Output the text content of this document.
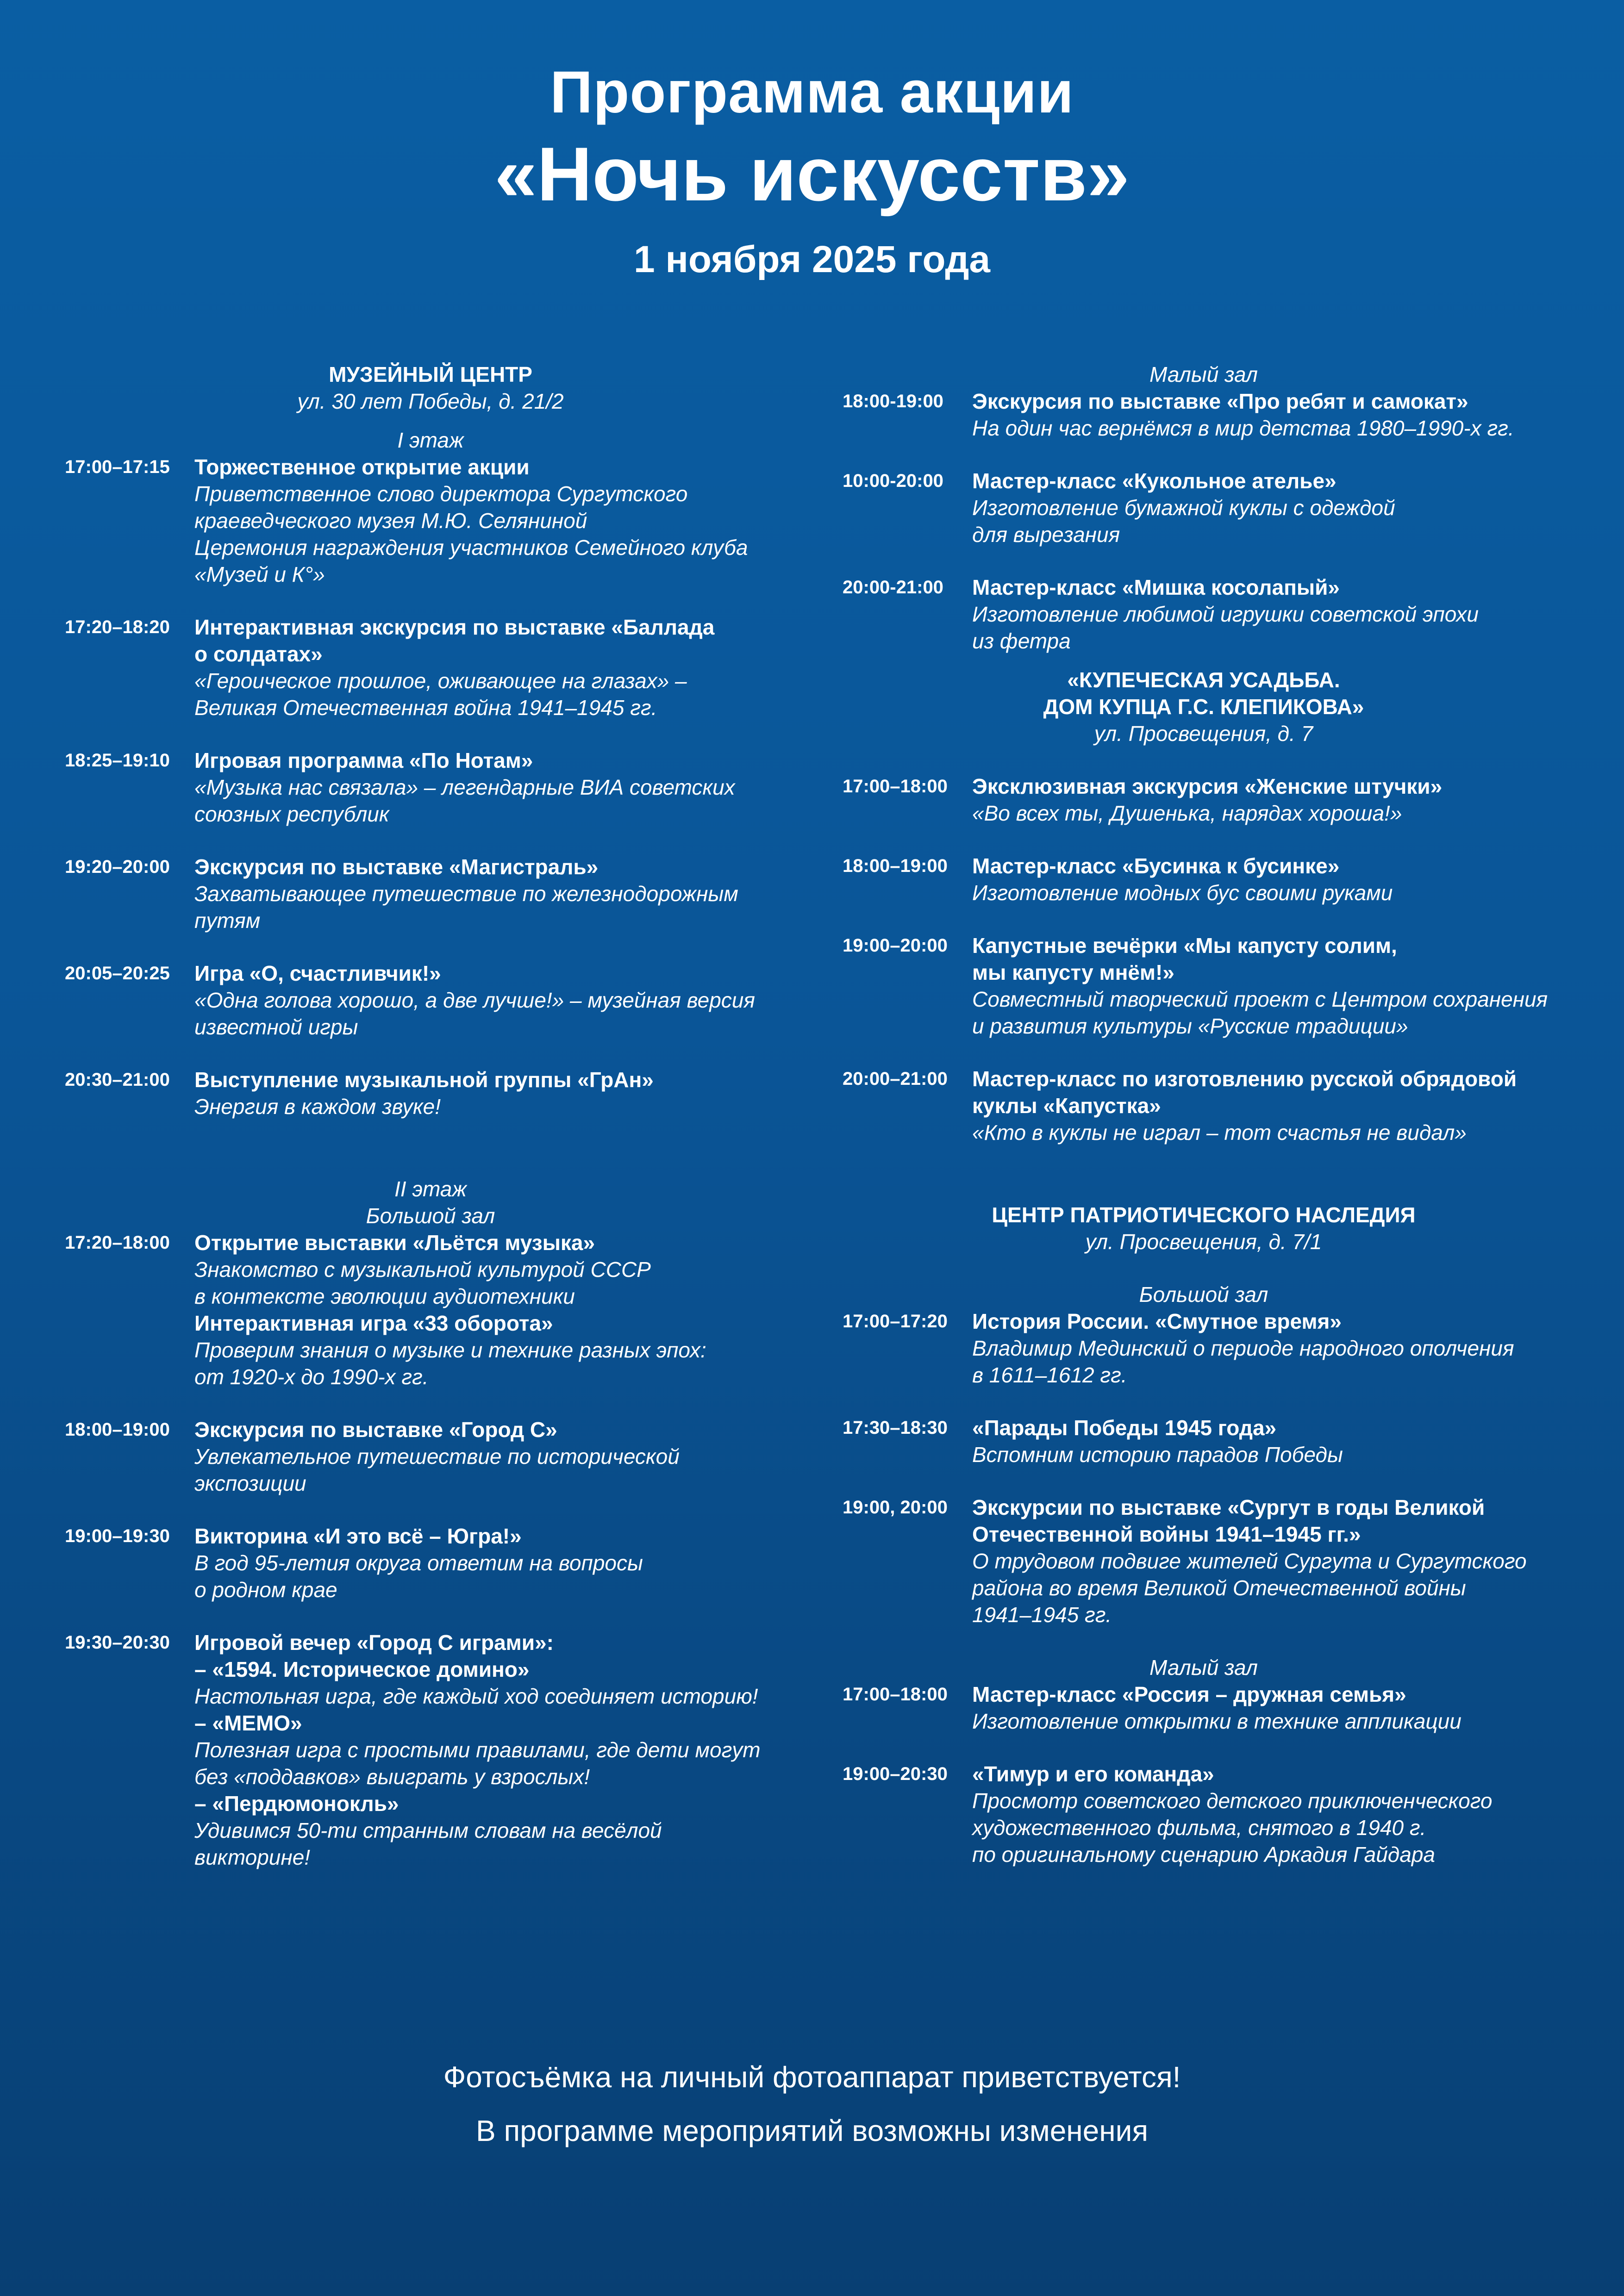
Программа акции
«Ночь искусств»
1 ноября 2025 года
МУЗЕЙНЫЙ ЦЕНТР
ул. 30 лет Победы, д. 21/2
I этаж
17:00–17:15	Торжественное открытие акции
Приветственное слово директора Сургутского
краеведческого музея М.Ю. Селяниной
Церемония награждения участников Семейного клуба
«Музей и К°»
17:20–18:20	Интерактивная экскурсия по выставке «Баллада
о солдатах»
«Героическое прошлое, оживающее на глазах» –
Великая Отечественная война 1941–1945 гг.
18:25–19:10	Игровая программа «По Нотам»
«Музыка нас связала» – легендарные ВИА советских
союзных республик
19:20–20:00	Экскурсия по выставке «Магистраль»
Захватывающее путешествие по железнодорожным
путям
20:05–20:25	Игра «О, счастливчик!»
«Одна голова хорошо, а две лучше!» – музейная версия
известной игры
20:30–21:00	Выступление музыкальной группы «ГрАн»
Энергия в каждом звуке!
II этаж
Большой зал
17:20–18:00	Открытие выставки «Льётся музыка»
Знакомство с музыкальной культурой СССР
в контексте эволюции аудиотехники
Интерактивная игра «33 оборота»
Проверим знания о музыке и технике разных эпох:
от 1920-х до 1990-х гг.
18:00–19:00	Экскурсия по выставке «Город С»
Увлекательное путешествие по исторической
экспозиции
19:00–19:30	Викторина «И это всё – Югра!»
В год 95-летия округа ответим на вопросы
о родном крае
19:30–20:30	Игровой вечер «Город С играми»:
– «1594. Историческое домино»
Настольная игра, где каждый ход соединяет историю!
– «МЕМО»
Полезная игра с простыми правилами, где дети могут
без «поддавков» выиграть у взрослых!
– «Пердюмонокль»
Удивимся 50-ти странным словам на весёлой
викторине!
Малый зал
18:00-19:00	Экскурсия по выставке «Про ребят и самокат»
На один час вернёмся в мир детства 1980–1990-х гг.
10:00-20:00	Мастер-класс «Кукольное ателье»
Изготовление бумажной куклы с одеждой
для вырезания
20:00-21:00	Мастер-класс «Мишка косолапый»
Изготовление любимой игрушки советской эпохи
из фетра
«КУПЕЧЕСКАЯ УСАДЬБА.
ДОМ КУПЦА Г.С. КЛЕПИКОВА»
ул. Просвещения, д. 7
17:00–18:00	Эксклюзивная экскурсия «Женские штучки»
«Во всех ты, Душенька, нарядах хороша!»
18:00–19:00	Мастер-класс «Бусинка к бусинке»
Изготовление модных бус своими руками
19:00–20:00	Капустные вечёрки «Мы капусту солим,
мы капусту мнём!»
Совместный творческий проект с Центром сохранения
и развития культуры «Русские традиции»
20:00–21:00	Мастер-класс по изготовлению русской обрядовой
куклы «Капустка»
«Кто в куклы не играл – тот счастья не видал»
ЦЕНТР ПАТРИОТИЧЕСКОГО НАСЛЕДИЯ
ул. Просвещения, д. 7/1
Большой зал
17:00–17:20	История России. «Смутное время»
Владимир Мединский о периоде народного ополчения
в 1611–1612 гг.
17:30–18:30	«Парады Победы 1945 года»
Вспомним историю парадов Победы
19:00, 20:00	Экскурсии по выставке «Сургут в годы Великой
Отечественной войны 1941–1945 гг.»
О трудовом подвиге жителей Сургута и Сургутского
района во время Великой Отечественной войны
1941–1945 гг.
Малый зал
17:00–18:00	Мастер-класс «Россия – дружная семья»
Изготовление открытки в технике аппликации
19:00–20:30	«Тимур и его команда»
Просмотр советского детского приключенческого
художественного фильма, снятого в 1940 г.
по оригинальному сценарию Аркадия Гайдара
Фотосъёмка на личный фотоаппарат приветствуется!
В программе мероприятий возможны изменения
